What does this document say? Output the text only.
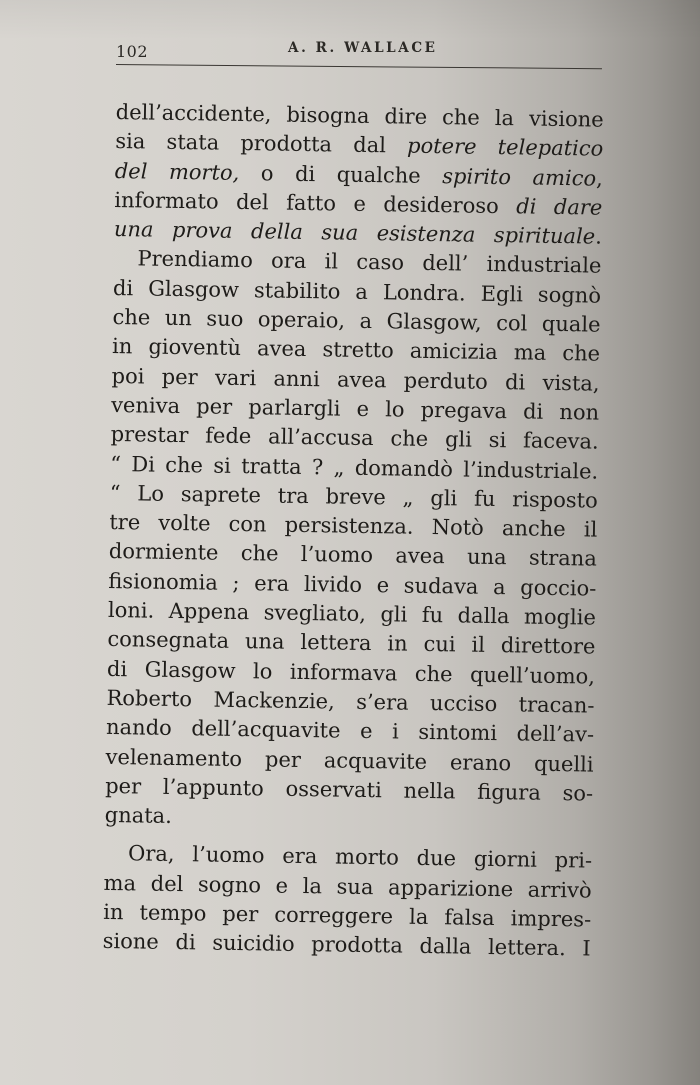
102	A. R. WALLACE
dell’accidente, bisogna dire che la visione
sia stata prodotta dal potere telepatico
del morto, o di qualche spirito amico,
informato del fatto e desideroso di dare
una prova della sua esistenza spirituale.
Prendiamo ora il caso dell’ industriale
di Glasgow stabilito a Londra. Egli sognò
che un suo operaio, a Glasgow, col quale
in gioventù avea stretto amicizia ma che
poi per vari anni avea perduto di vista,
veniva per parlargli e lo pregava di non
prestar fede all’accusa che gli si faceva.
“ Di che si tratta ? „ domandò l’industriale.
“ Lo saprete tra breve „ gli fu risposto
tre volte con persistenza. Notò anche il
dormiente che l’uomo avea una strana
fisionomia ; era livido e sudava a goccio-
loni. Appena svegliato, gli fu dalla moglie
consegnata una lettera in cui il direttore
di Glasgow lo informava che quell’uomo,
Roberto Mackenzie, s’era ucciso tracan-
nando dell’acquavite e i sintomi dell’av-
velenamento per acquavite erano quelli
per l’appunto osservati nella figura so-
gnata.
Ora, l’uomo era morto due giorni pri-
ma del sogno e la sua apparizione arrivò
in tempo per correggere la falsa impres-
sione di suicidio prodotta dalla lettera. I
